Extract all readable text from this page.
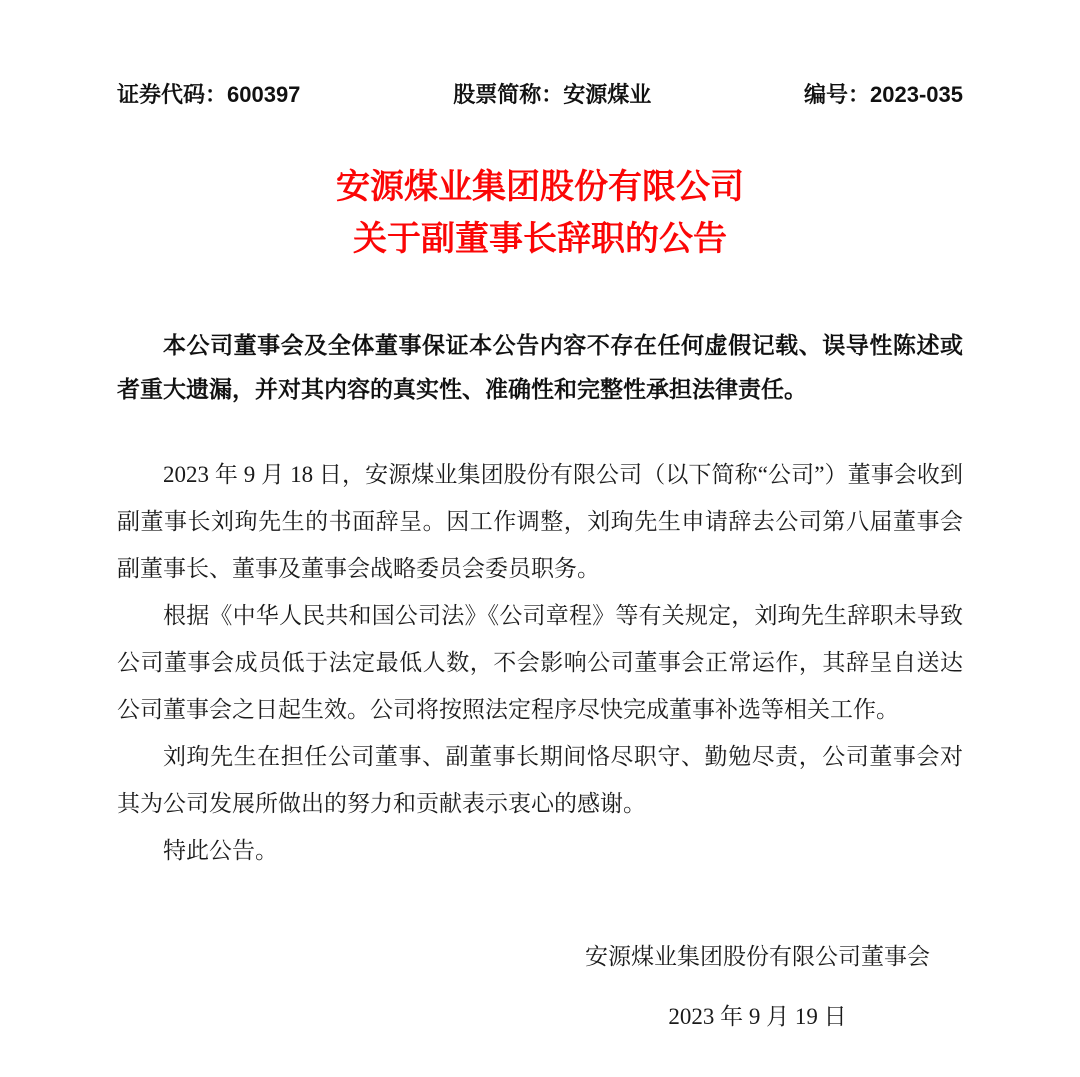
证券代码：600397	股票简称：安源煤业	编号：2023-035
安源煤业集团股份有限公司
关于副董事长辞职的公告

本公司董事会及全体董事保证本公告内容不存在任何虚假记载、误导性陈述或者重大遗漏，并对其内容的真实性、准确性和完整性承担法律责任。

2023 年 9 月 18 日，安源煤业集团股份有限公司（以下简称“公司”）董事会收到副董事长刘珣先生的书面辞呈。因工作调整，刘珣先生申请辞去公司第八届董事会副董事长、董事及董事会战略委员会委员职务。

根据《中华人民共和国公司法》《公司章程》等有关规定，刘珣先生辞职未导致公司董事会成员低于法定最低人数，不会影响公司董事会正常运作，其辞呈自送达公司董事会之日起生效。公司将按照法定程序尽快完成董事补选等相关工作。

刘珣先生在担任公司董事、副董事长期间恪尽职守、勤勉尽责，公司董事会对其为公司发展所做出的努力和贡献表示衷心的感谢。

特此公告。

安源煤业集团股份有限公司董事会
2023 年 9 月 19 日
